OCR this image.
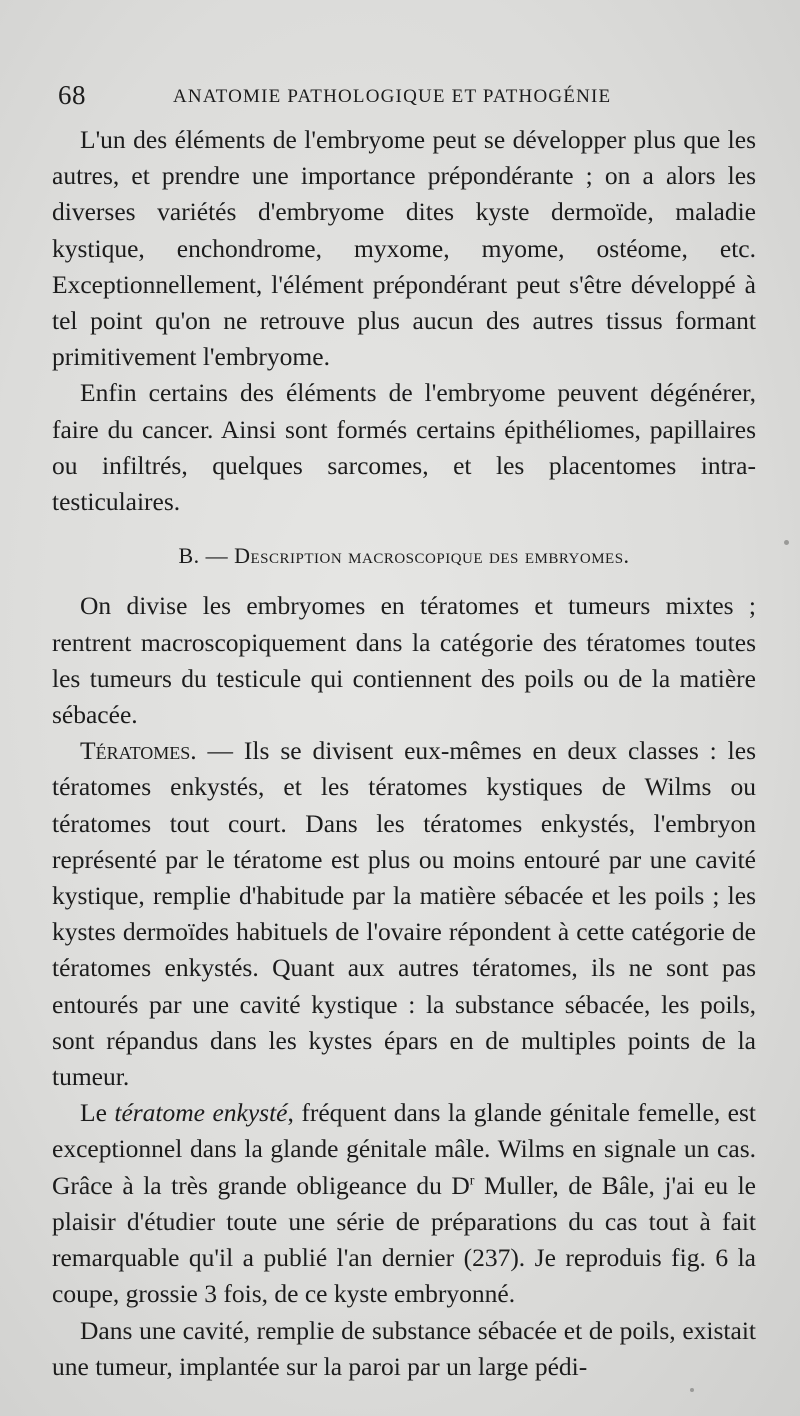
68	ANATOMIE PATHOLOGIQUE ET PATHOGÉNIE

L'un des éléments de l'embryome peut se développer plus que les autres, et prendre une importance prépondérante ; on a alors les diverses variétés d'embryome dites kyste dermoïde, maladie kystique, enchondrome, myxome, myome, ostéome, etc. Exceptionnellement, l'élément prépondérant peut s'être développé à tel point qu'on ne retrouve plus aucun des autres tissus formant primitivement l'embryome.

Enfin certains des éléments de l'embryome peuvent dégénérer, faire du cancer. Ainsi sont formés certains épithéliomes, papillaires ou infiltrés, quelques sarcomes, et les placentomes intra-testiculaires.

B. — Description macroscopique des embryomes.

On divise les embryomes en tératomes et tumeurs mixtes ; rentrent macroscopiquement dans la catégorie des tératomes toutes les tumeurs du testicule qui contiennent des poils ou de la matière sébacée.

Tératomes. — Ils se divisent eux-mêmes en deux classes : les tératomes enkystés, et les tératomes kystiques de Wilms ou tératomes tout court. Dans les tératomes enkystés, l'embryon représenté par le tératome est plus ou moins entouré par une cavité kystique, remplie d'habitude par la matière sébacée et les poils ; les kystes dermoïdes habituels de l'ovaire répondent à cette catégorie de tératomes enkystés. Quant aux autres tératomes, ils ne sont pas entourés par une cavité kystique : la substance sébacée, les poils, sont répandus dans les kystes épars en de multiples points de la tumeur.

Le tératome enkysté, fréquent dans la glande génitale femelle, est exceptionnel dans la glande génitale mâle. Wilms en signale un cas. Grâce à la très grande obligeance du $D^r$ Muller, de Bâle, j'ai eu le plaisir d'étudier toute une série de préparations du cas tout à fait remarquable qu'il a publié l'an dernier (237). Je reproduis fig. 6 la coupe, grossie 3 fois, de ce kyste embryonné.

Dans une cavité, remplie de substance sébacée et de poils, existait une tumeur, implantée sur la paroi par un large pédi-
